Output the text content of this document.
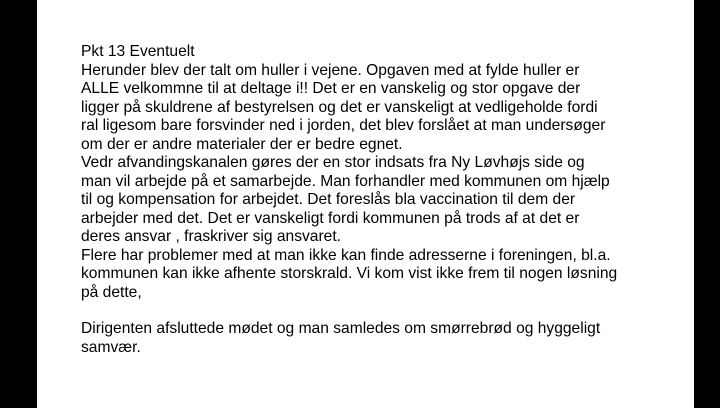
Pkt 13 Eventuelt
Herunder blev der talt om huller i vejene. Opgaven med at fylde huller er
ALLE velkommne til at deltage i!! Det er en vanskelig og stor opgave der
ligger på skuldrene af bestyrelsen og det er vanskeligt at vedligeholde fordi
ral ligesom bare forsvinder ned i jorden, det blev forslået at man undersøger
om der er andre materialer der er bedre egnet.
Vedr afvandingskanalen gøres der en stor indsats fra Ny Løvhøjs side og
man vil arbejde på et samarbejde. Man forhandler med kommunen om hjælp
til og kompensation for arbejdet. Det foreslås bla vaccination til dem der
arbejder med det. Det er vanskeligt fordi kommunen på trods af at det er
deres ansvar , fraskriver sig ansvaret.
Flere har problemer med at man ikke kan finde adresserne i foreningen, bl.a.
kommunen kan ikke afhente storskrald. Vi kom vist ikke frem til nogen løsning
på dette,
Dirigenten afsluttede mødet og man samledes om smørrebrød og hyggeligt
samvær.
